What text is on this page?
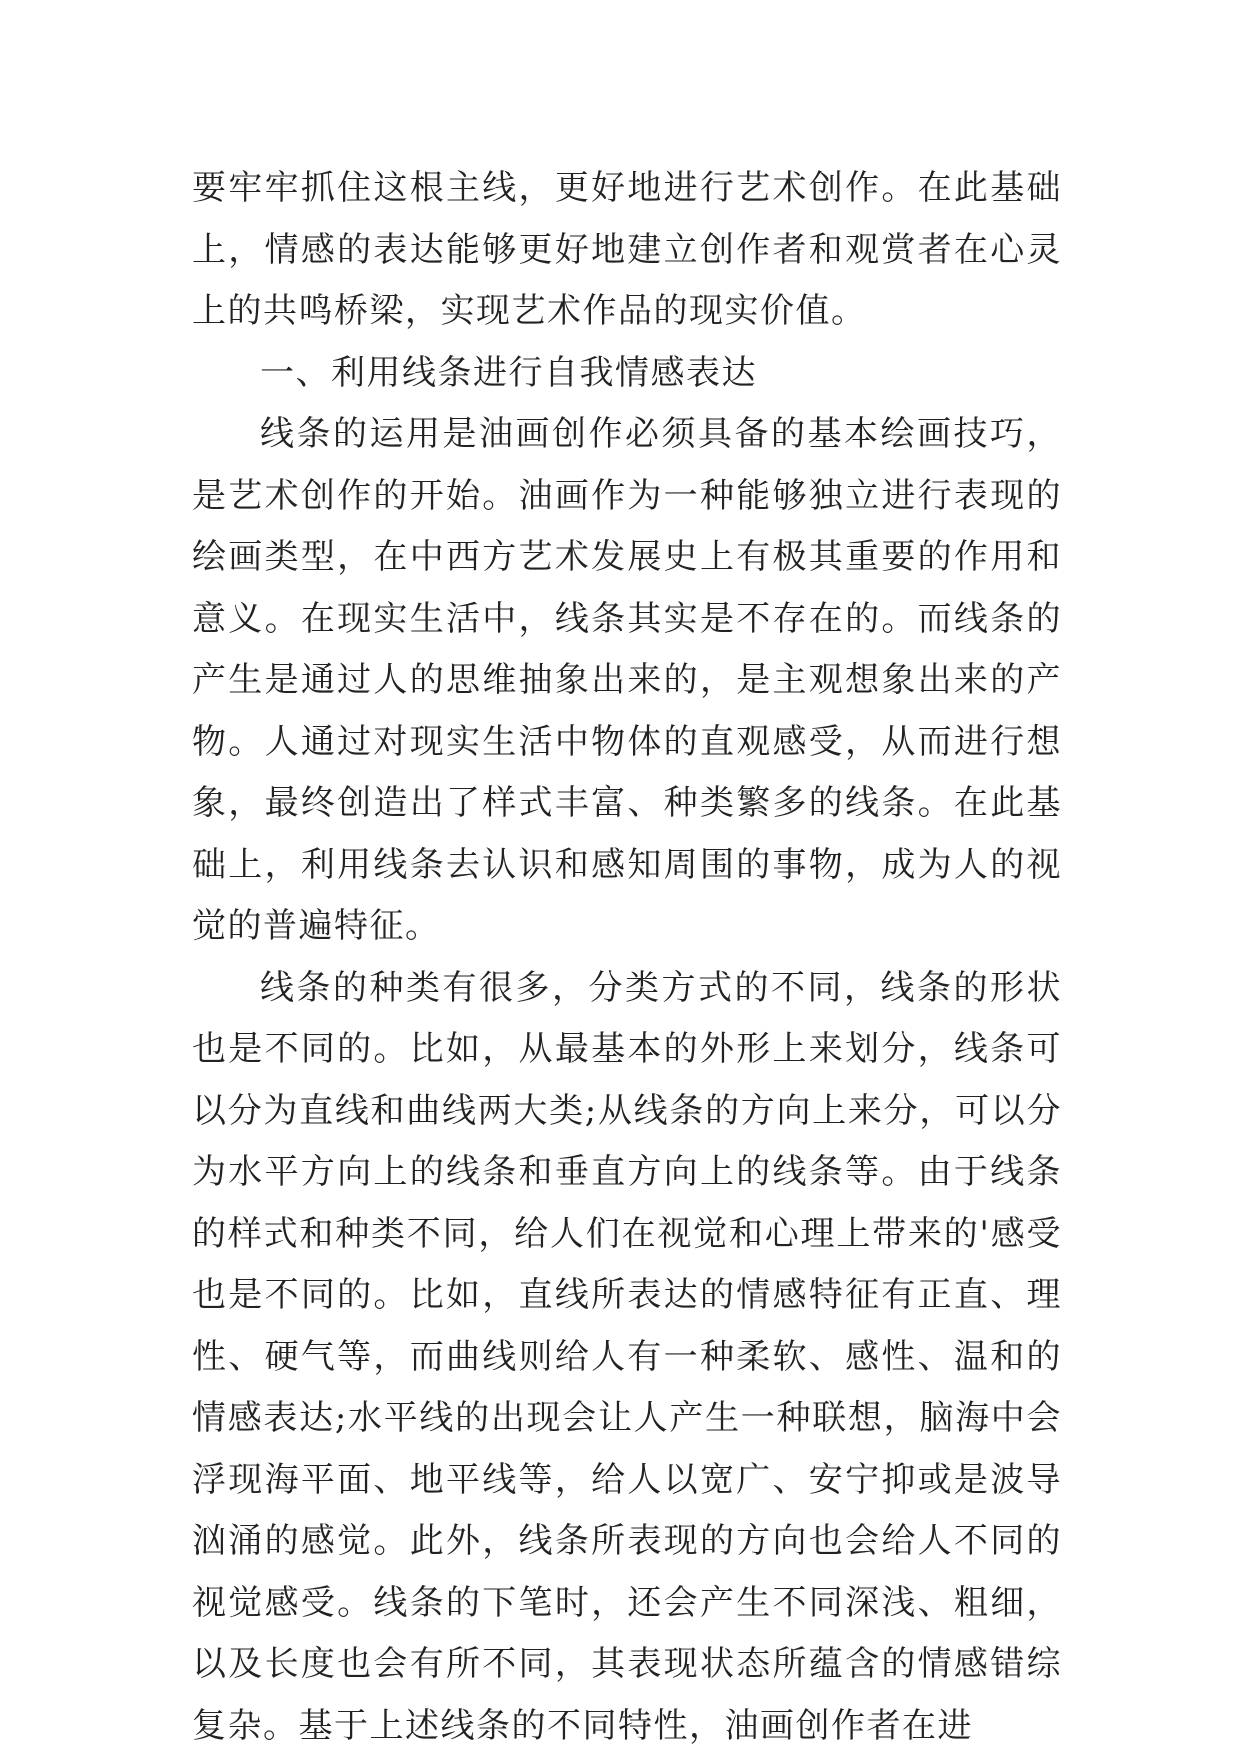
要牢牢抓住这根主线，更好地进行艺术创作。在此基础上，情感的表达能够更好地建立创作者和观赏者在心灵上的共鸣桥梁，实现艺术作品的现实价值。

一、利用线条进行自我情感表达

线条的运用是油画创作必须具备的基本绘画技巧，是艺术创作的开始。油画作为一种能够独立进行表现的绘画类型，在中西方艺术发展史上有极其重要的作用和意义。在现实生活中，线条其实是不存在的。而线条的产生是通过人的思维抽象出来的，是主观想象出来的产物。人通过对现实生活中物体的直观感受，从而进行想象，最终创造出了样式丰富、种类繁多的线条。在此基础上，利用线条去认识和感知周围的事物，成为人的视觉的普遍特征。

线条的种类有很多，分类方式的不同，线条的形状也是不同的。比如，从最基本的外形上来划分，线条可以分为直线和曲线两大类;从线条的方向上来分，可以分为水平方向上的线条和垂直方向上的线条等。由于线条的样式和种类不同，给人们在视觉和心理上带来的'感受也是不同的。比如，直线所表达的情感特征有正直、理性、硬气等，而曲线则给人有一种柔软、感性、温和的情感表达;水平线的出现会让人产生一种联想，脑海中会浮现海平面、地平线等，给人以宽广、安宁抑或是波导汹涌的感觉。此外，线条所表现的方向也会给人不同的视觉感受。线条的下笔时，还会产生不同深浅、粗细，以及长度也会有所不同，其表现状态所蕴含的情感错综复杂。基于上述线条的不同特性，油画创作者在进
